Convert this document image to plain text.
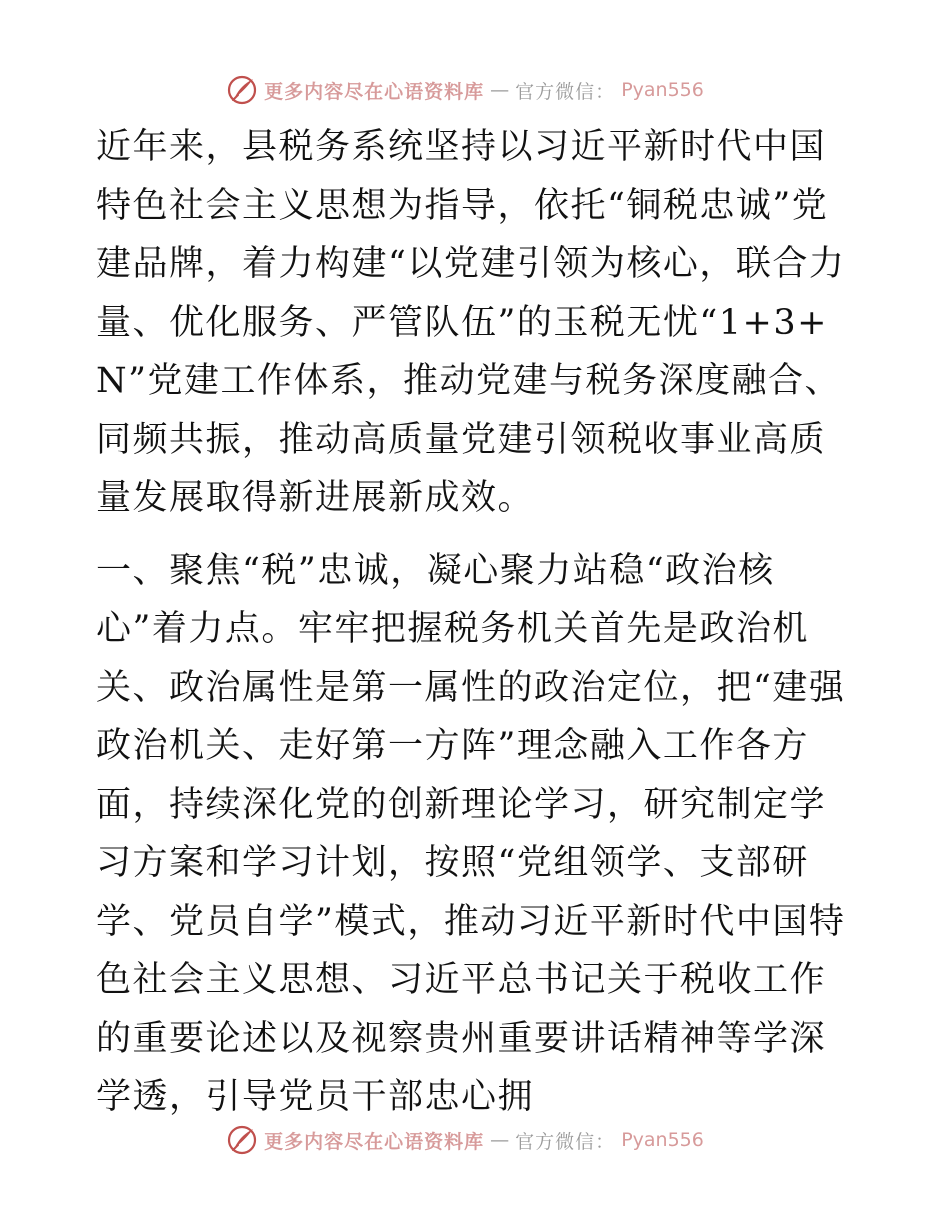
更多内容尽在心语资料库 — 官方微信： Pyan556

近年来，县税务系统坚持以习近平新时代中国特色社会主义思想为指导，依托“铜税忠诚”党建品牌，着力构建“以党建引领为核心，联合力量、优化服务、严管队伍”的玉税无忧“1+3+N”党建工作体系，推动党建与税务深度融合、同频共振，推动高质量党建引领税收事业高质量发展取得新进展新成效。

一、聚焦“税”忠诚，凝心聚力站稳“政治核心”着力点。牢牢把握税务机关首先是政治机关、政治属性是第一属性的政治定位，把“建强政治机关、走好第一方阵”理念融入工作各方面，持续深化党的创新理论学习，研究制定学习方案和学习计划，按照“党组领学、支部研学、党员自学”模式，推动习近平新时代中国特色社会主义思想、习近平总书记关于税收工作的重要论述以及视察贵州重要讲话精神等学深学透，引导党员干部忠心拥

更多内容尽在心语资料库 — 官方微信： Pyan556
